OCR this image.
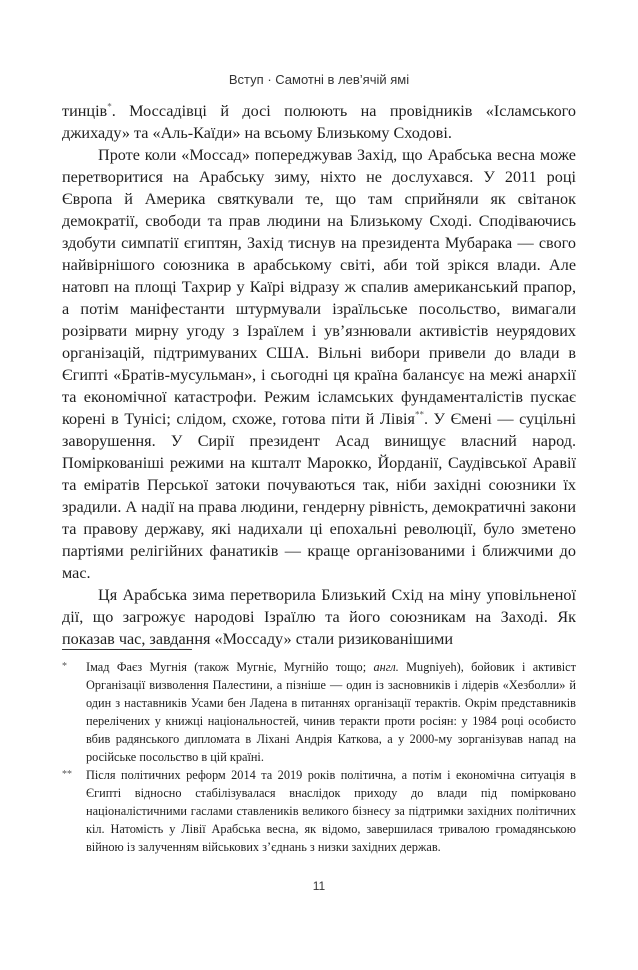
Вступ · Самотні в лев’ячій ямі

тинців*. Моссадівці й досі полюють на провідників «Ісламського джихаду» та «Аль-Каїди» на всьому Близькому Сходові.

Проте коли «Моссад» попереджував Захід, що Арабська весна може перетворитися на Арабську зиму, ніхто не дослухався. У 2011 році Європа й Америка святкували те, що там сприйняли як світанок демократії, свободи та прав людини на Близькому Сході. Сподіваючись здобути симпатії єгиптян, Захід тиснув на президента Мубарака — свого найвірнішого союзника в арабському світі, аби той зрікся влади. Але натовп на площі Тахрир у Каїрі відразу ж спалив американський прапор, а потім маніфестанти штурмували ізраїльське посольство, вимагали розірвати мирну угоду з Ізраїлем і ув’язнювали активістів неурядових організацій, підтримуваних США. Вільні вибори привели до влади в Єгипті «Братів-мусульман», і сьогодні ця країна балансує на межі анархії та економічної катастрофи. Режим ісламських фундаменталістів пускає корені в Тунісі; слідом, схоже, готова піти й Лівія**. У Ємені — суцільні заворушення. У Сирії президент Асад винищує власний народ. Поміркованіші режими на кшталт Марокко, Йорданії, Саудівської Аравії та еміратів Перської затоки почуваються так, ніби західні союзники їх зрадили. А надії на права людини, гендерну рівність, демократичні закони та правову державу, які надихали ці епохальні революції, було зметено партіями релігійних фанатиків — краще організованими і ближчими до мас.

Ця Арабська зима перетворила Близький Схід на міну уповільненої дії, що загрожує народові Ізраїлю та його союзникам на Заході. Як показав час, завдання «Моссаду» стали ризикованішими

* Імад Фаєз Мугнія (також Мугніє, Мугнійо тощо; англ. Mugniyeh), бойовик і активіст Організації визволення Палестини, а пізніше — один із засновників і лідерів «Хезболли» й один з наставників Усами бен Ладена в питаннях організації терактів. Окрім представників перелічених у книжці національностей, чинив теракти проти росіян: у 1984 році особисто вбив радянського дипломата в Ліхані Андрія Каткова, а у 2000-му зорганізував напад на російське посольство в цій країні.

** Після політичних реформ 2014 та 2019 років політична, а потім і економічна ситуація в Єгипті відносно стабілізувалася внаслідок приходу до влади під поміркованo націоналістичними гаслами ставлеників великого бізнесу за підтримки західних політичних кіл. Натомість у Лівії Арабська весна, як відомо, завершилася тривалою громадянською війною із залученням військових з’єднань з низки західних держав.

11
